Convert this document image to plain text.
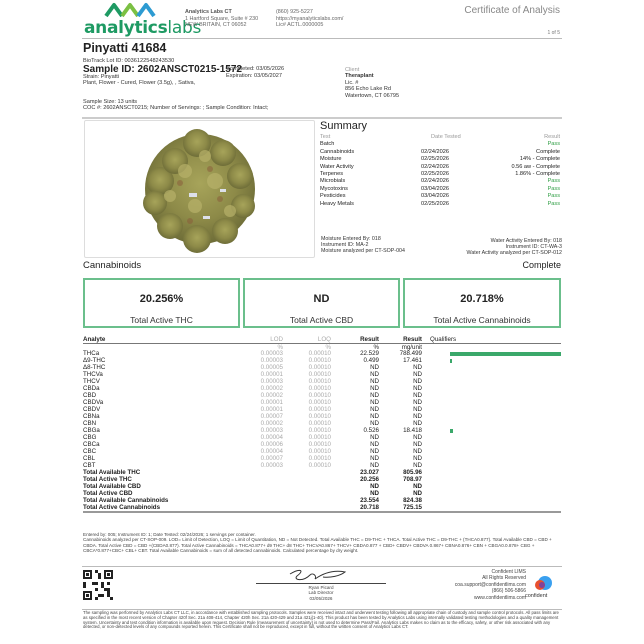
analyticslabs
Analytics Labs CT
1 Hartford Square, Suite # 230
NEW BRITAIN, CT 06052
(860) 925-5227
https://myanalyticslabs.com/
Lic# ACTL.0000005
Certificate of Analysis
1 of 5
Pinyatti 41684
BioTrack Lot ID: 0036122548243530
Sample ID: 2602ANSCT0215-1572
Completed: 03/05/2026
Expiration: 03/05/2027
Strain: Pinyatti
Plant, Flower - Cured, Flower (3.5g), , Sativa,
Sample Size: 13 units
COC #: 2602ANSCT0215; Number of Servings: ; Sample Condition: Intact;
Client
Theraplant
Lic. #
856 Echo Lake Rd
Watertown, CT 06795
Summary
Test	Date Tested	Result
Batch	Pass
Cannabinoids	02/24/2026	Complete
Moisture	02/25/2026	14% - Complete
Water Activity	02/24/2026	0.56 aw - Complete
Terpenes	02/25/2026	1.86% - Complete
Microbials	02/24/2026	Pass
Mycotoxins	03/04/2026	Pass
Pesticides	03/04/2026	Pass
Heavy Metals	02/25/2026	Pass
Moisture Entered By: 018
Instrument ID: MA-2
Moisture analyzed per CT-SOP-004
Water Activity Entered By: 018
Instrument ID: CT-WA-3
Water Activity analyzed per CT-SOP-012
Cannabinoids	Complete
20.256%
Total Active THC
ND
Total Active CBD
20.718%
Total Active Cannabinoids
Analyte	LOD	LOQ	Result	Result	Qualifiers
%	%	%	mg/unit
THCa	0.00003	0.00010	22.529	788.499
Δ9-THC	0.00003	0.00010	0.499	17.461
Δ8-THC	0.00005	0.00010	ND	ND
THCVa	0.00001	0.00010	ND	ND
THCV	0.00003	0.00010	ND	ND
CBDa	0.00002	0.00010	ND	ND
CBD	0.00002	0.00010	ND	ND
CBDVa	0.00001	0.00010	ND	ND
CBDV	0.00001	0.00010	ND	ND
CBNa	0.00007	0.00010	ND	ND
CBN	0.00002	0.00010	ND	ND
CBGa	0.00003	0.00010	0.526	18.418
CBG	0.00004	0.00010	ND	ND
CBCa	0.00006	0.00010	ND	ND
CBC	0.00004	0.00010	ND	ND
CBL	0.00007	0.00010	ND	ND
CBT	0.00003	0.00010	ND	ND
Total Available THC	23.027	805.96
Total Active THC	20.256	708.97
Total Available CBD	ND	ND
Total Active CBD	ND	ND
Total Available Cannabinoids	23.554	824.38
Total Active Cannabinoids	20.718	725.15
Entered by: 005; Instrument ID: 1; Date Tested: 02/24/2026; 1 servings per container.
Cannabinoids analyzed per CT-SOP-009. LOD= Limit of Detection, LOQ = Limit of Quantitation, ND = Not Detected. Total Available THC = D9-THC + THCA. Total Active THC = D9-THC + (THCA0.877). Total Available CBD = CBD + CBDA. Total Active CBD = CBD +(CBDA0.877). Total Active Cannabinoids = THCA0.877+ d9 THC+ d8 THC+ THCVA0.867+ THCV+ CBDA0.877 + CBD+ CBDV+ CBDVA 0.867+ CBNA0.876+ CBN + CBGA0.0.878+ CBG + CBCA*0.877+CBC+ CBL+ CBT. Total Available Cannabinoids = sum of all detected cannabinoids. Calculated percentage by dry weight.
Ryan Picard
Lab Director
03/05/2026
Confident LIMS
All Rights Reserved
coa.support@confidentlims.com
(866) 506-5866
www.confidentlims.com confident
The sampling was performed by Analytics Labs CT LLC, in accordance with established sampling protocols. Samples were received intact and underwent testing following all appropriate chain of custody and sample control protocols. All pass limits are as specified in the most recent version of Chapter 420f Sec. 21a 408-414, Chapter 420h Sec. 21a 420-429 and 21a 421j(1-40). This product has been tested by Analytics Labs using internally validated testing methodologies and a quality management system. Uncertainty and test condition information is available upon request. Decision Rule (measurement of uncertainty) is not used to determine Pass/Fail. Analytics Labs makes no claim as to the efficacy, safety, or other risk associated with any detected, or non-detected levels of any compounds reported herein. This Certificate shall not be reproduced, except in full, without the written consent of Analytics Labs CT.
